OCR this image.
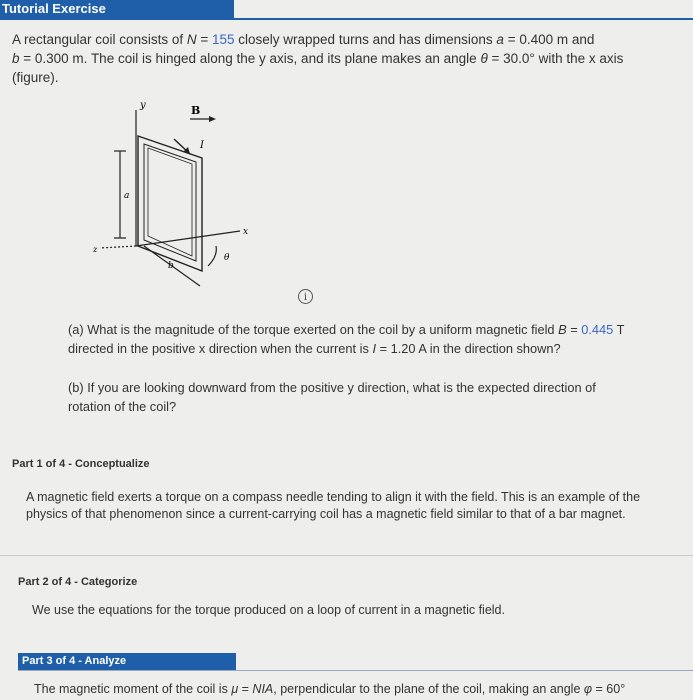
Tutorial Exercise
A rectangular coil consists of N = 155 closely wrapped turns and has dimensions a = 0.400 m and
b = 0.300 m. The coil is hinged along the y axis, and its plane makes an angle θ = 30.0° with the x axis
(figure).
y	B
I
a
z
b
θ
x
i
(a) What is the magnitude of the torque exerted on the coil by a uniform magnetic field B = 0.445 T
directed in the positive x direction when the current is I = 1.20 A in the direction shown?
(b) If you are looking downward from the positive y direction, what is the expected direction of
rotation of the coil?
Part 1 of 4 - Conceptualize
A magnetic field exerts a torque on a compass needle tending to align it with the field. This is an example of the physics of that phenomenon since a current-carrying coil has a magnetic field similar to that of a bar magnet.
Part 2 of 4 - Categorize
We use the equations for the torque produced on a loop of current in a magnetic field.
Part 3 of 4 - Analyze
The magnetic moment of the coil is μ = NIA, perpendicular to the plane of the coil, making an angle φ = 60°
